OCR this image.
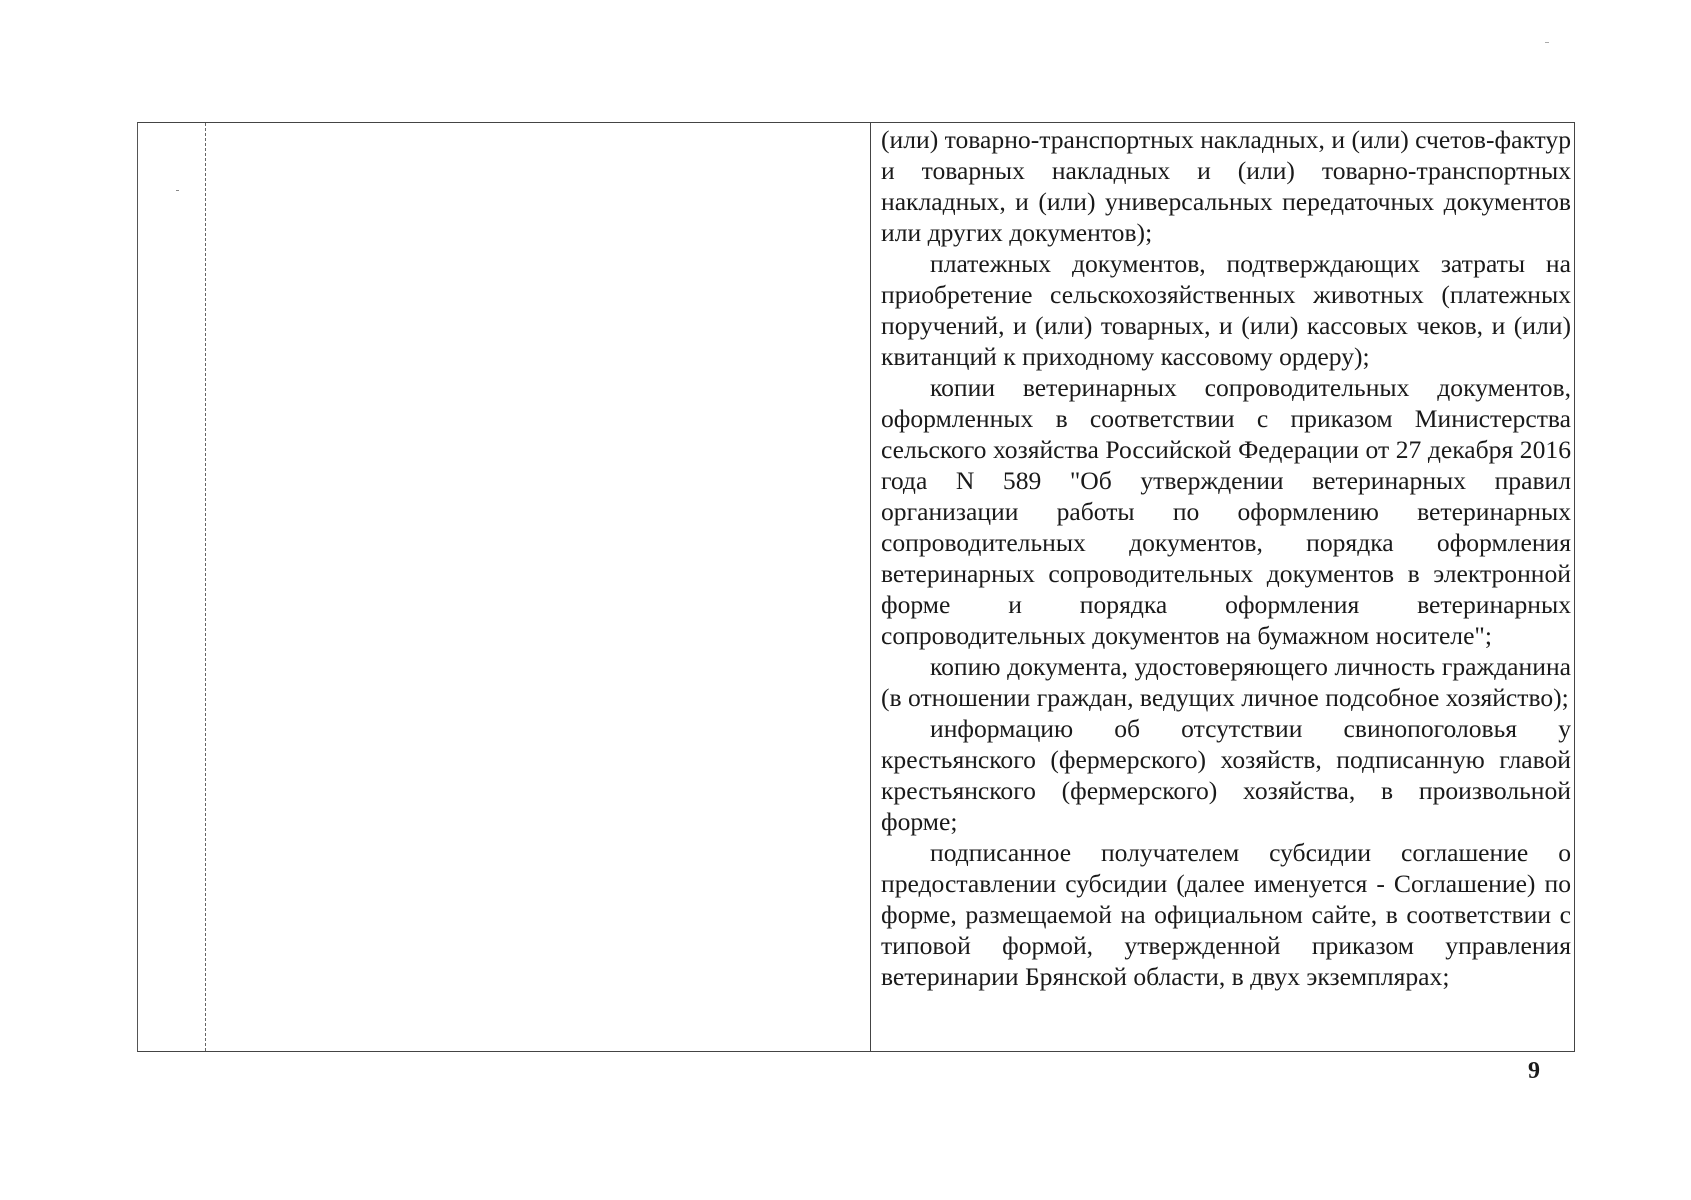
(или) товарно-транспортных накладных, и (или) счетов-фактур и товарных накладных и (или) товарно-транспортных накладных, и (или) универсальных передаточных документов или других документов);

платежных документов, подтверждающих затраты на приобретение сельскохозяйственных животных (платежных поручений, и (или) товарных, и (или) кассовых чеков, и (или) квитанций к приходному кассовому ордеру);

копии ветеринарных сопроводительных документов, оформленных в соответствии с приказом Министерства сельского хозяйства Российской Федерации от 27 декабря 2016 года N 589 "Об утверждении ветеринарных правил организации работы по оформлению ветеринарных сопроводительных документов, порядка оформления ветеринарных сопроводительных документов в электронной форме и порядка оформления ветеринарных сопроводительных документов на бумажном носителе";

копию документа, удостоверяющего личность гражданина (в отношении граждан, ведущих личное подсобное хозяйство);

информацию об отсутствии свинопоголовья у крестьянского (фермерского) хозяйств, подписанную главой крестьянского (фермерского) хозяйства, в произвольной форме;

подписанное получателем субсидии соглашение о предоставлении субсидии (далее именуется - Соглашение) по форме, размещаемой на официальном сайте, в соответствии с типовой формой, утвержденной приказом управления ветеринарии Брянской области, в двух экземплярах;

9
